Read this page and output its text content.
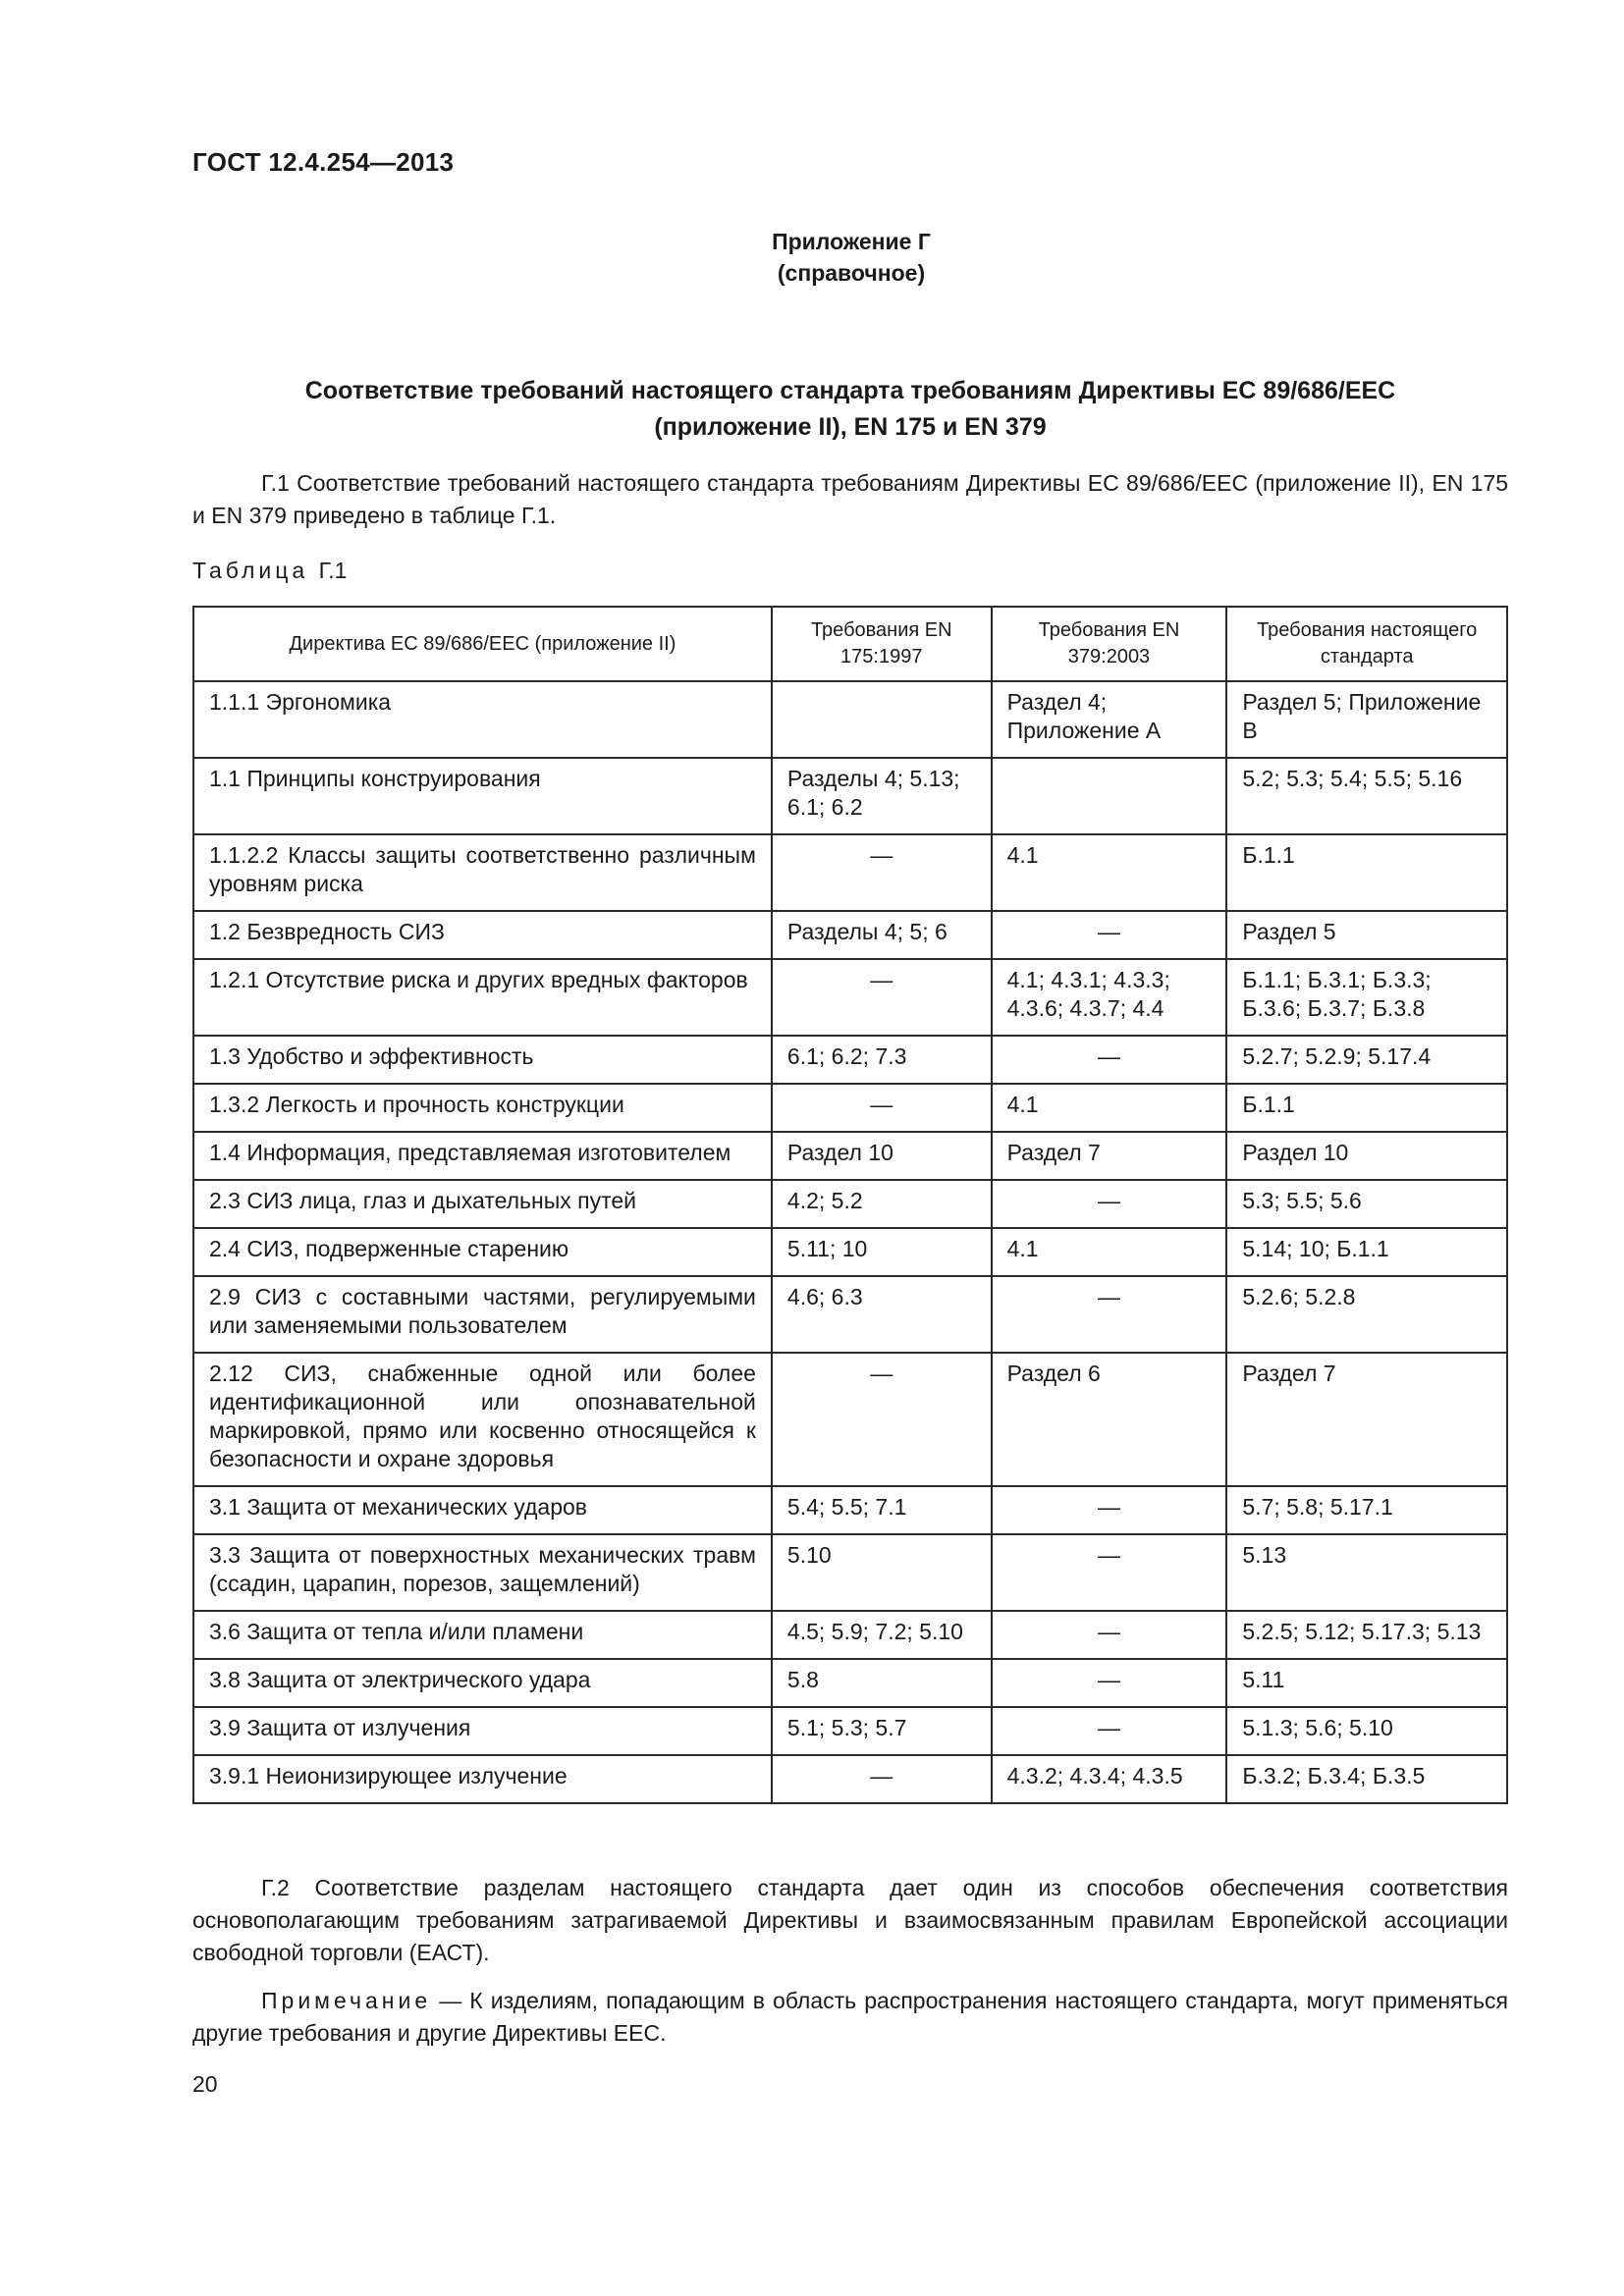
ГОСТ 12.4.254—2013
Приложение Г
(справочное)
Соответствие требований настоящего стандарта требованиям Директивы ЕС 89/686/ЕЕС
(приложение II), EN 175 и EN 379

Г.1 Соответствие требований настоящего стандарта требованиям Директивы ЕС 89/686/ЕЕС (приложение II), EN 175 и EN 379 приведено в таблице Г.1.

Таблица Г.1
Директива ЕС 89/686/ЕЕС (приложение II)	Требования EN 175:1997	Требования EN 379:2003	Требования настоящего стандарта
1.1.1 Эргономика		Раздел 4; Приложение А	Раздел 5; Приложение В
1.1 Принципы конструирования	Разделы 4; 5.13; 6.1; 6.2		5.2; 5.3; 5.4; 5.5; 5.16
1.1.2.2 Классы защиты соответственно различным уровням риска	—	4.1	Б.1.1
1.2 Безвредность СИЗ	Разделы 4; 5; 6	—	Раздел 5
1.2.1 Отсутствие риска и других вредных факторов	—	4.1; 4.3.1; 4.3.3; 4.3.6; 4.3.7; 4.4	Б.1.1; Б.3.1; Б.3.3; Б.3.6; Б.3.7; Б.3.8
1.3 Удобство и эффективность	6.1; 6.2; 7.3	—	5.2.7; 5.2.9; 5.17.4
1.3.2 Легкость и прочность конструкции	—	4.1	Б.1.1
1.4 Информация, представляемая изготовителем	Раздел 10	Раздел 7	Раздел 10
2.3 СИЗ лица, глаз и дыхательных путей	4.2; 5.2	—	5.3; 5.5; 5.6
2.4 СИЗ, подверженные старению	5.11; 10	4.1	5.14; 10; Б.1.1
2.9 СИЗ с составными частями, регулируемыми или заменяемыми пользователем	4.6; 6.3	—	5.2.6; 5.2.8
2.12 СИЗ, снабженные одной или более идентификационной или опознавательной маркировкой, прямо или косвенно относящейся к безопасности и охране здоровья	—	Раздел 6	Раздел 7
3.1 Защита от механических ударов	5.4; 5.5; 7.1	—	5.7; 5.8; 5.17.1
3.3 Защита от поверхностных механических травм (ссадин, царапин, порезов, защемлений)	5.10	—	5.13
3.6 Защита от тепла и/или пламени	4.5; 5.9; 7.2; 5.10	—	5.2.5; 5.12; 5.17.3; 5.13
3.8 Защита от электрического удара	5.8	—	5.11
3.9 Защита от излучения	5.1; 5.3; 5.7	—	5.1.3; 5.6; 5.10
3.9.1 Неионизирующее излучение	—	4.3.2; 4.3.4; 4.3.5	Б.3.2; Б.3.4; Б.3.5

Г.2 Соответствие разделам настоящего стандарта дает один из способов обеспечения соответствия основополагающим требованиям затрагиваемой Директивы и взаимосвязанным правилам Европейской ассоциации свободной торговли (ЕАСТ).

Примечание — К изделиям, попадающим в область распространения настоящего стандарта, могут применяться другие требования и другие Директивы ЕЕС.

20
